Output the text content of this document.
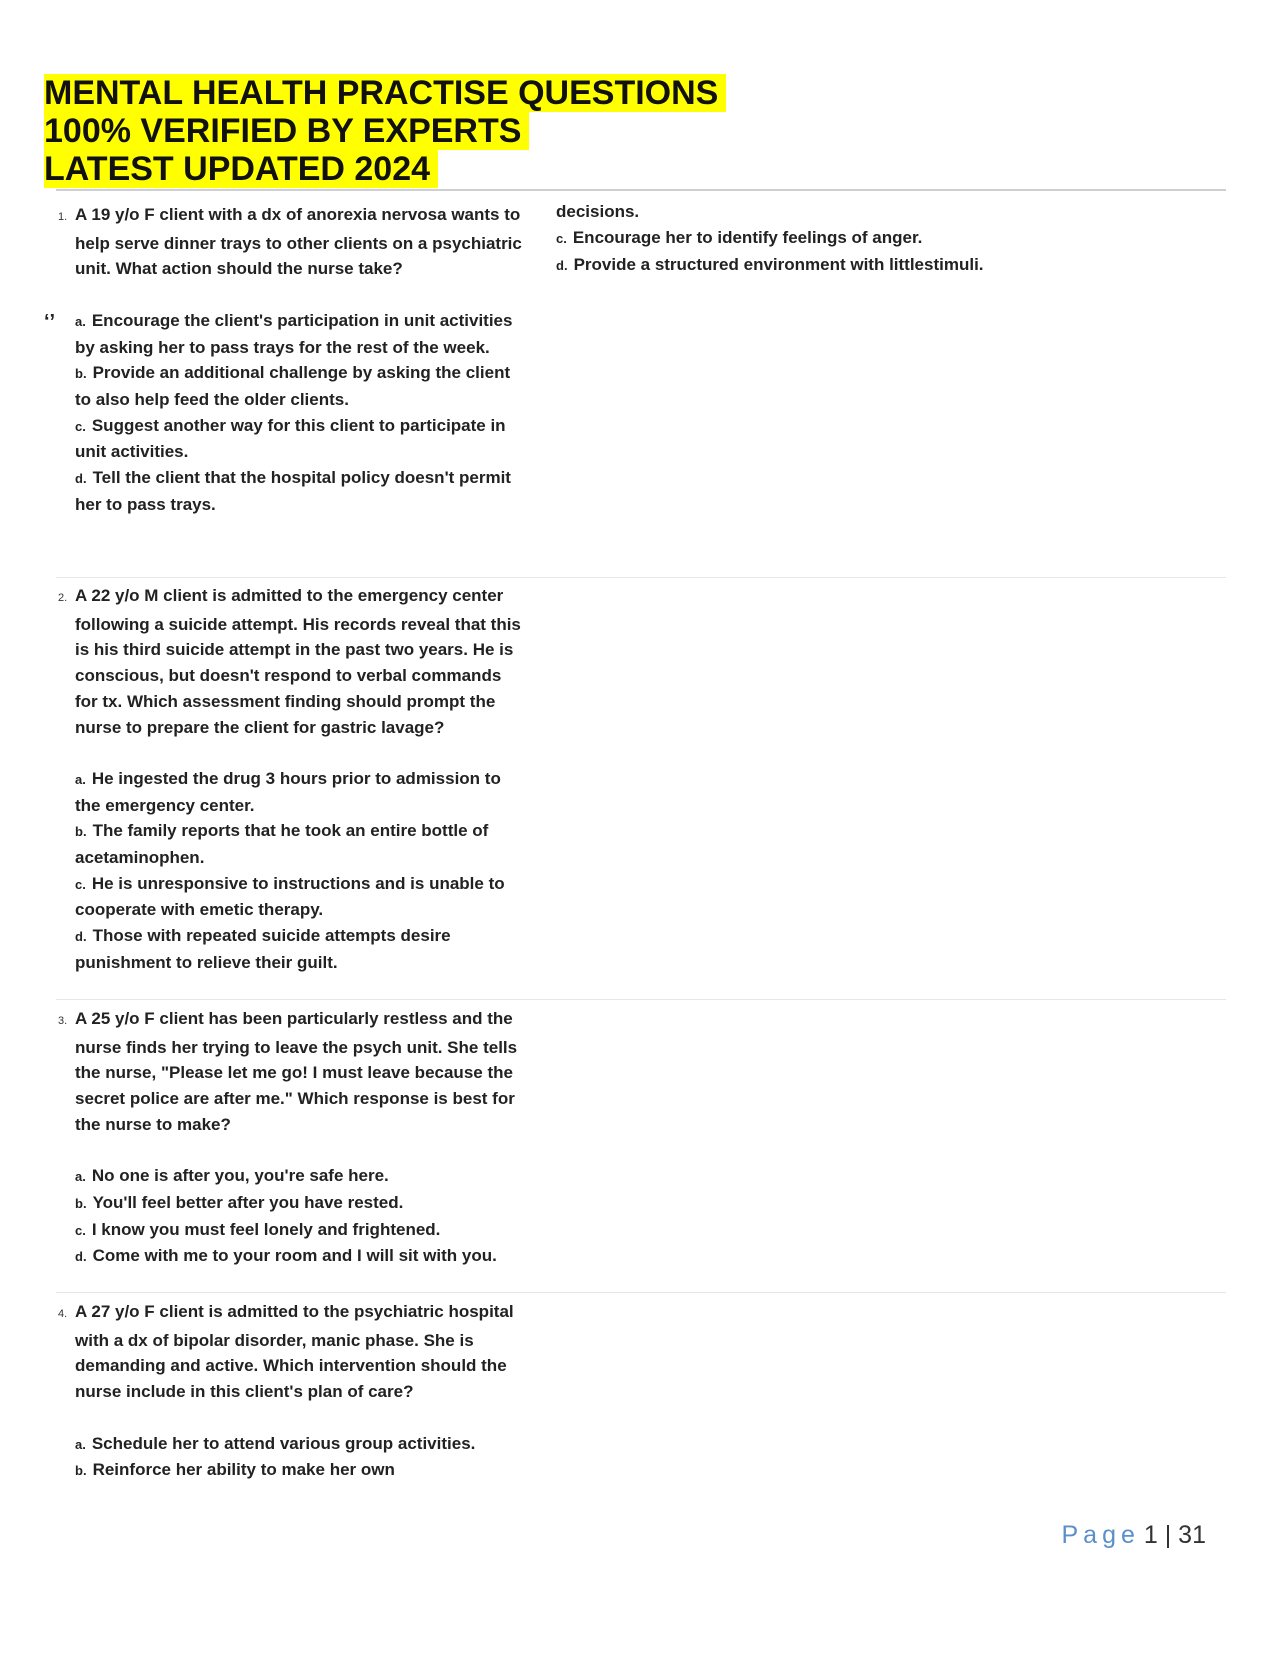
MENTAL HEALTH PRACTISE QUESTIONS
100% VERIFIED BY EXPERTS
LATEST UPDATED 2024
‘’
1. A 19 y/o F client with a dx of anorexia nervosa wants to help serve dinner trays to other clients on a psychiatric unit. What action should the nurse take?
a. Encourage the client's participation in unit activities by asking her to pass trays for the rest of the week.
b. Provide an additional challenge by asking the client to also help feed the older clients.
c. Suggest another way for this client to participate in unit activities.
d. Tell the client that the hospital policy doesn't permit her to pass trays.
2. A 22 y/o M client is admitted to the emergency center following a suicide attempt. His records reveal that this is his third suicide attempt in the past two years. He is conscious, but doesn't respond to verbal commands for tx. Which assessment finding should prompt the nurse to prepare the client for gastric lavage?
a. He ingested the drug 3 hours prior to admission to the emergency center.
b. The family reports that he took an entire bottle of acetaminophen.
c. He is unresponsive to instructions and is unable to cooperate with emetic therapy.
d. Those with repeated suicide attempts desire punishment to relieve their guilt.
3. A 25 y/o F client has been particularly restless and the nurse finds her trying to leave the psych unit. She tells the nurse, "Please let me go! I must leave because the secret police are after me." Which response is best for the nurse to make?
a. No one is after you, you're safe here.
b. You'll feel better after you have rested.
c. I know you must feel lonely and frightened.
d. Come with me to your room and I will sit with you.
4. A 27 y/o F client is admitted to the psychiatric hospital with a dx of bipolar disorder, manic phase. She is demanding and active. Which intervention should the nurse include in this client's plan of care?
a. Schedule her to attend various group activities.
b. Reinforce her ability to make her own
decisions.
c. Encourage her to identify feelings of anger.
d. Provide a structured environment with littlestimuli.
Page 1 | 31
